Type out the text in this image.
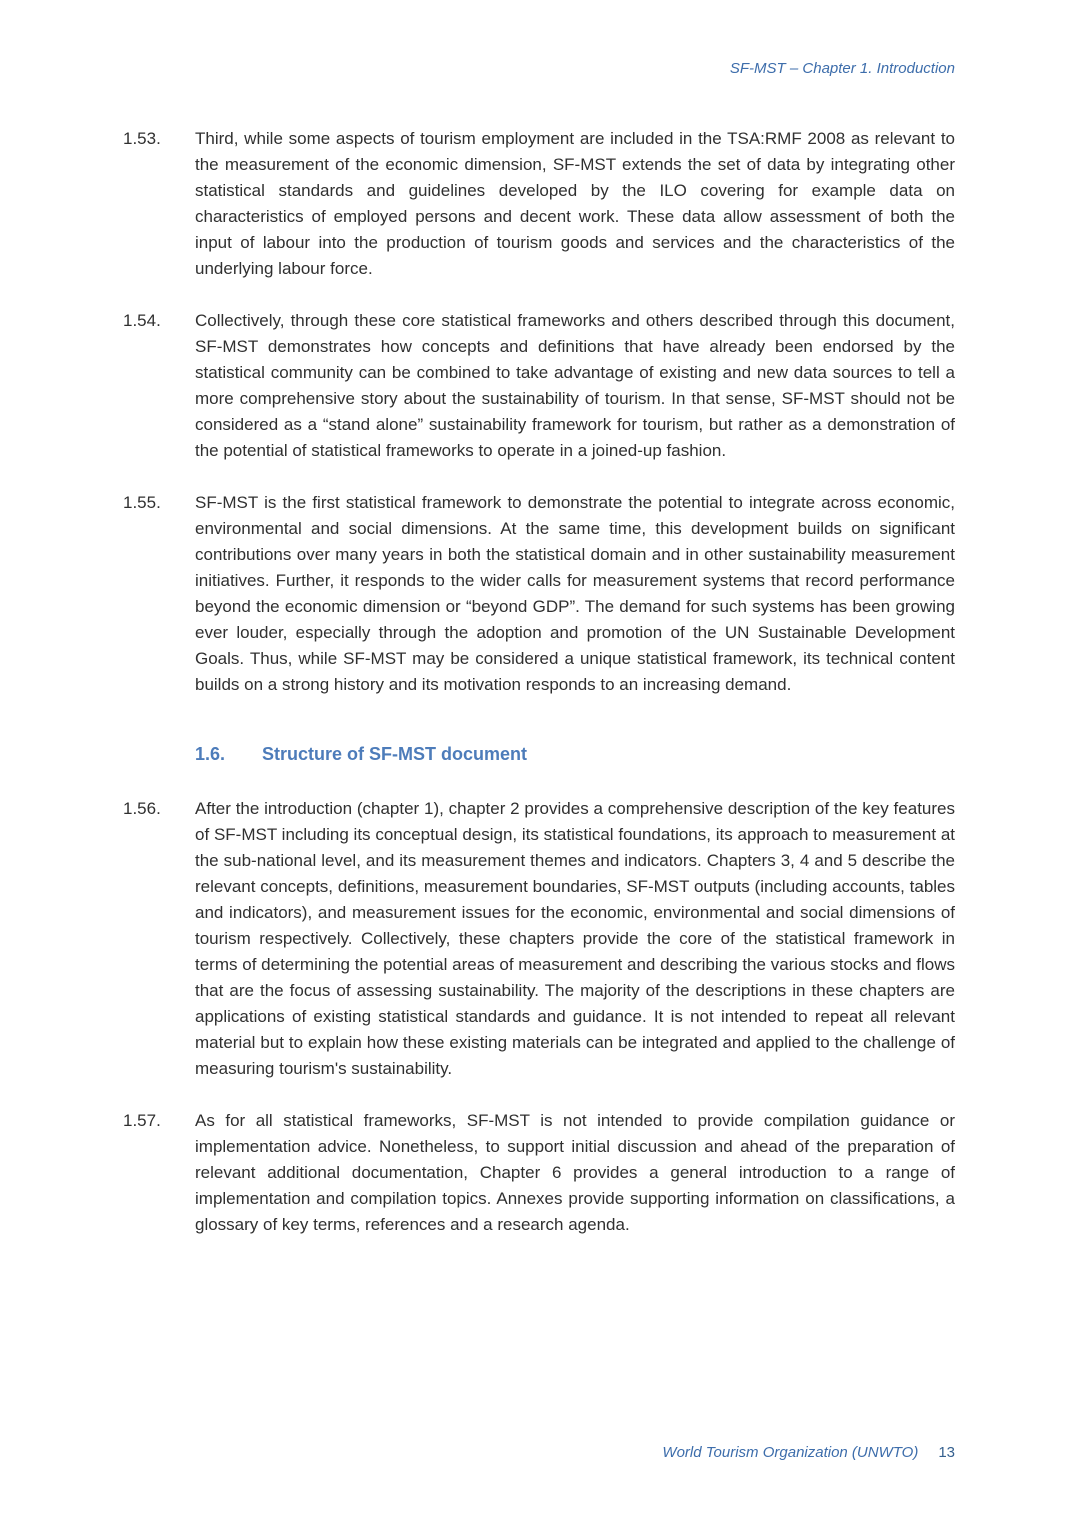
SF-MST – Chapter 1. Introduction
1.53.	Third, while some aspects of tourism employment are included in the TSA:RMF 2008 as relevant to the measurement of the economic dimension, SF-MST extends the set of data by integrating other statistical standards and guidelines developed by the ILO covering for example data on characteristics of employed persons and decent work. These data allow assessment of both the input of labour into the production of tourism goods and services and the characteristics of the underlying labour force.
1.54.	Collectively, through these core statistical frameworks and others described through this document, SF-MST demonstrates how concepts and definitions that have already been endorsed by the statistical community can be combined to take advantage of existing and new data sources to tell a more comprehensive story about the sustainability of tourism. In that sense, SF-MST should not be considered as a “stand alone” sustainability framework for tourism, but rather as a demonstration of the potential of statistical frameworks to operate in a joined-up fashion.
1.55.	SF-MST is the first statistical framework to demonstrate the potential to integrate across economic, environmental and social dimensions. At the same time, this development builds on significant contributions over many years in both the statistical domain and in other sustainability measurement initiatives. Further, it responds to the wider calls for measurement systems that record performance beyond the economic dimension or “beyond GDP”. The demand for such systems has been growing ever louder, especially through the adoption and promotion of the UN Sustainable Development Goals. Thus, while SF-MST may be considered a unique statistical framework, its technical content builds on a strong history and its motivation responds to an increasing demand.
1.6.	Structure of SF-MST document
1.56.	After the introduction (chapter 1), chapter 2 provides a comprehensive description of the key features of SF-MST including its conceptual design, its statistical foundations, its approach to measurement at the sub-national level, and its measurement themes and indicators. Chapters 3, 4 and 5 describe the relevant concepts, definitions, measurement boundaries, SF-MST outputs (including accounts, tables and indicators), and measurement issues for the economic, environmental and social dimensions of tourism respectively. Collectively, these chapters provide the core of the statistical framework in terms of determining the potential areas of measurement and describing the various stocks and flows that are the focus of assessing sustainability. The majority of the descriptions in these chapters are applications of existing statistical standards and guidance. It is not intended to repeat all relevant material but to explain how these existing materials can be integrated and applied to the challenge of measuring tourism's sustainability.
1.57.	As for all statistical frameworks, SF-MST is not intended to provide compilation guidance or implementation advice. Nonetheless, to support initial discussion and ahead of the preparation of relevant additional documentation, Chapter 6 provides a general introduction to a range of implementation and compilation topics. Annexes provide supporting information on classifications, a glossary of key terms, references and a research agenda.
World Tourism Organization (UNWTO) 13
